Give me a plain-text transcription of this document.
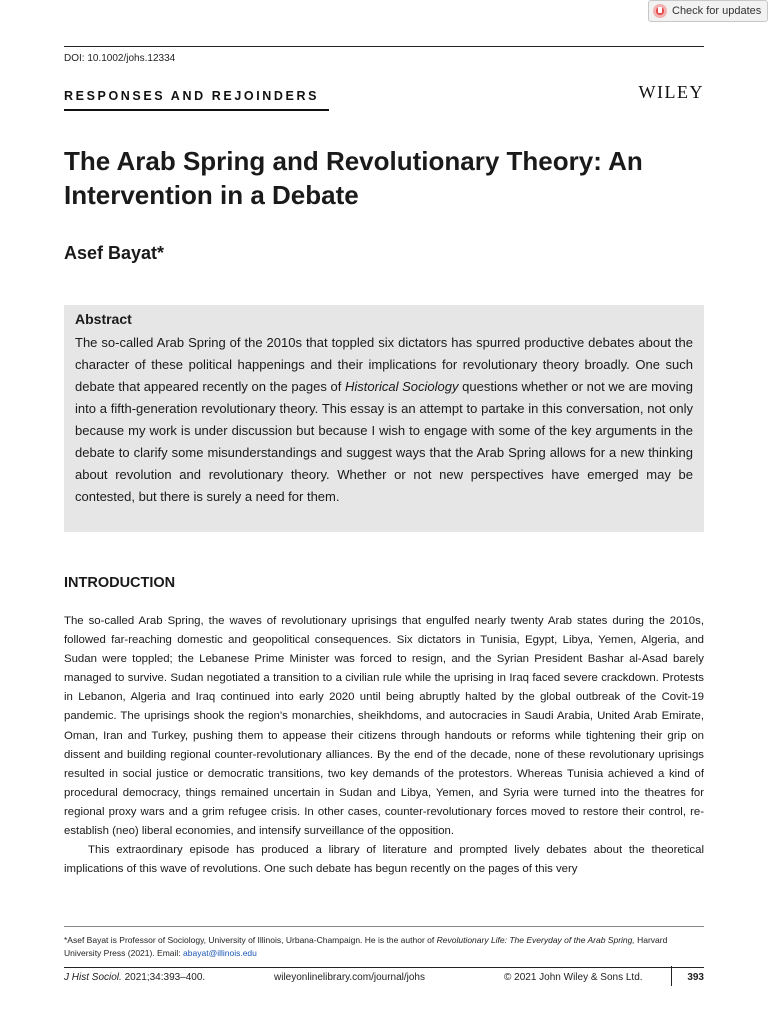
Check for updates
DOI: 10.1002/johs.12334
RESPONSES AND REJOINDERS	WILEY
The Arab Spring and Revolutionary Theory: An Intervention in a Debate
Asef Bayat*
Abstract

The so-called Arab Spring of the 2010s that toppled six dictators has spurred productive debates about the character of these political happenings and their implications for revolutionary theory broadly. One such debate that appeared recently on the pages of Historical Sociology questions whether or not we are moving into a fifth-generation revolutionary theory. This essay is an attempt to partake in this conversation, not only because my work is under discussion but because I wish to engage with some of the key arguments in the debate to clarify some misunderstandings and suggest ways that the Arab Spring allows for a new thinking about revolution and revolutionary theory. Whether or not new perspectives have emerged may be contested, but there is surely a need for them.

INTRODUCTION

The so-called Arab Spring, the waves of revolutionary uprisings that engulfed nearly twenty Arab states during the 2010s, followed far-reaching domestic and geopolitical consequences. Six dictators in Tunisia, Egypt, Libya, Yemen, Algeria, and Sudan were toppled; the Lebanese Prime Minister was forced to resign, and the Syrian President Bashar al-Asad barely managed to survive. Sudan negotiated a transition to a civilian rule while the uprising in Iraq faced severe crackdown. Protests in Lebanon, Algeria and Iraq continued into early 2020 until being abruptly halted by the global outbreak of the Covit-19 pandemic. The uprisings shook the region’s monarchies, sheikhdoms, and autocracies in Saudi Arabia, United Arab Emirate, Oman, Iran and Turkey, pushing them to appease their citizens through handouts or reforms while tightening their grip on dissent and building regional counter-revolutionary alliances. By the end of the decade, none of these revolutionary uprisings resulted in social justice or democratic transitions, two key demands of the protestors. Whereas Tunisia achieved a kind of procedural democracy, things remained uncertain in Sudan and Libya, Yemen, and Syria were turned into the theatres for regional proxy wars and a grim refugee crisis. In other cases, counter-revolutionary forces moved to restore their control, re-establish (neo) liberal economies, and intensify surveillance of the opposition.

This extraordinary episode has produced a library of literature and prompted lively debates about the theoretical implications of this wave of revolutions. One such debate has begun recently on the pages of this very

*Asef Bayat is Professor of Sociology, University of Illinois, Urbana-Champaign. He is the author of Revolutionary Life: The Everyday of the Arab Spring, Harvard University Press (2021). Email: abayat@illinois.edu
J Hist Sociol. 2021;34:393–400.	wileyonlinelibrary.com/journal/johs	© 2021 John Wiley & Sons Ltd.	393
